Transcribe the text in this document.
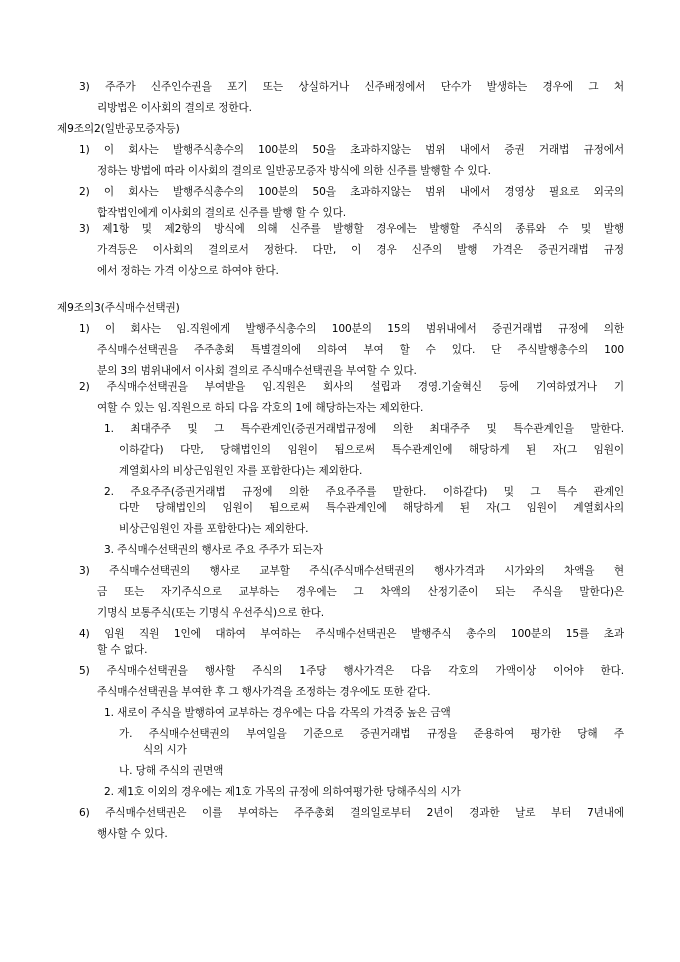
3) 주주가 신주인수권을 포기 또는 상실하거나 신주배정에서 단수가 발생하는 경우에 그 처
리방법은 이사회의 결의로 정한다.
제9조의2(일반공모증자등)
1) 이 회사는 발행주식총수의 100분의 50을 초과하지않는 범위 내에서 증권 거래법 규정에서
정하는 방법에 따라 이사회의 결의로 일반공모증자 방식에 의한 신주를 발행할 수 있다.
2) 이 회사는 발행주식총수의 100분의 50을 초과하지않는 범위 내에서 경영상 필요로 외국의
합작법인에게 이사회의 결의로 신주를 발행 할 수 있다.
3) 제1항 및 제2항의 방식에 의해 신주를 발행할 경우에는 발행할 주식의 종류와 수 및 발행
가격등은 이사회의 결의로서 정한다. 다만, 이 경우 신주의 발행 가격은 증권거래법 규정
에서 정하는 가격 이상으로 하여야 한다.
제9조의3(주식매수선택권)
1) 이 회사는 임.직원에게 발행주식총수의 100분의 15의 범위내에서 증권거래법 규정에 의한
주식매수선택권을 주주총회 특별결의에 의하여 부여 할 수 있다. 단 주식발행총수의 100
분의 3의 범위내에서 이사회 결의로 주식매수선택권을 부여할 수 있다.
2) 주식매수선택권을 부여받을 임.직원은 회사의 설립과 경영.기술혁신 등에 기여하였거나 기
여할 수 있는 임.직원으로 하되 다음 각호의 1에 해당하는자는 제외한다.
1. 최대주주 및 그 특수관계인(증권거래법규정에 의한 최대주주 및 특수관계인을 말한다.
이하같다) 다만, 당해법인의 임원이 됨으로써 특수관계인에 해당하게 된 자(그 임원이
계열회사의 비상근임원인 자를 포함한다)는 제외한다.
2. 주요주주(증권거래법 규정에 의한 주요주주를 말한다. 이하같다) 및 그 특수 관계인
다만 당해법인의 임원이 됨으로써 특수관계인에 해당하게 된 자(그 임원이 계열회사의
비상근임원인 자를 포함한다)는 제외한다.
3. 주식매수선택권의 행사로 주요 주주가 되는자
3) 주식매수선택권의 행사로 교부할 주식(주식매수선택권의 행사가격과 시가와의 차액을 현
금 또는 자기주식으로 교부하는 경우에는 그 차액의 산정기준이 되는 주식을 말한다)은
기명식 보통주식(또는 기명식 우선주식)으로 한다.
4) 임원 직원 1인에 대하여 부여하는 주식매수선택권은 발행주식 총수의 100분의 15를 초과
할 수 없다.
5) 주식매수선택권을 행사할 주식의 1주당 행사가격은 다음 각호의 가액이상 이어야 한다.
주식매수선택권을 부여한 후 그 행사가격을 조정하는 경우에도 또한 같다.
1. 새로이 주식을 발행하여 교부하는 경우에는 다음 각목의 가격중 높은 금액
가. 주식매수선택권의 부여일을 기준으로 증권거래법 규정을 준용하여 평가한 당해 주
식의 시가
나. 당해 주식의 권면액
2. 제1호 이외의 경우에는 제1호 가목의 규정에 의하여평가한 당해주식의 시가
6) 주식매수선택권은 이를 부여하는 주주총회 결의일로부터 2년이 경과한 날로 부터 7년내에
행사할 수 있다.
